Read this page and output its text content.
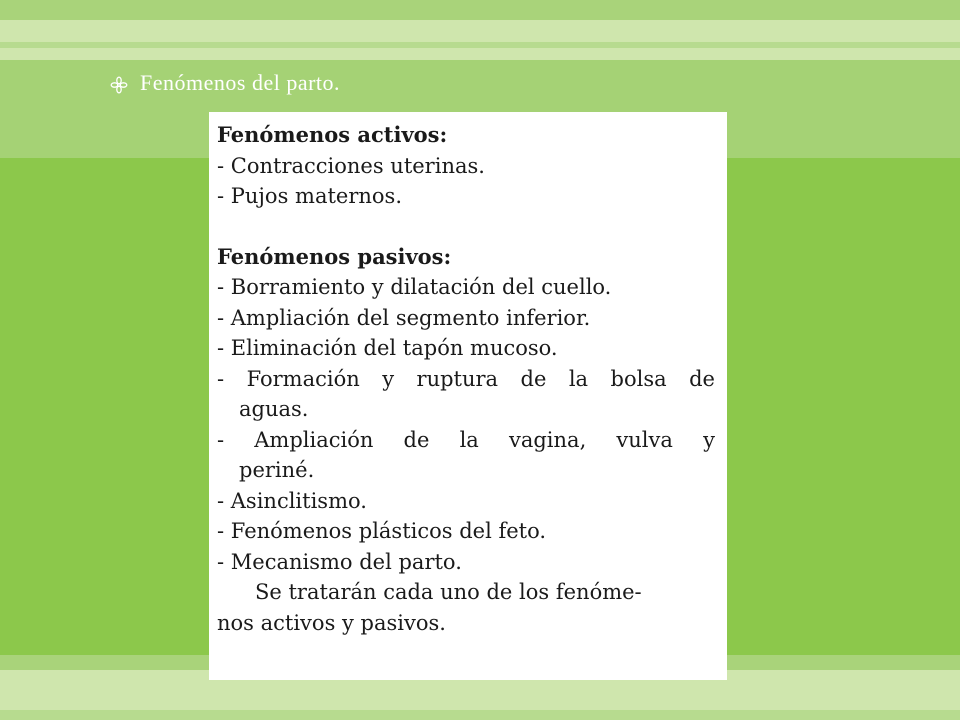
Fenómenos del parto.
Fenómenos activos:
- Contracciones uterinas.
- Pujos maternos.
Fenómenos pasivos:
- Borramiento y dilatación del cuello.
- Ampliación del segmento inferior.
- Eliminación del tapón mucoso.
- Formación y ruptura de la bolsa de
aguas.
- Ampliación de la vagina, vulva y
periné.
- Asinclitismo.
- Fenómenos plásticos del feto.
- Mecanismo del parto.
Se tratarán cada uno de los fenóme-
nos activos y pasivos.
